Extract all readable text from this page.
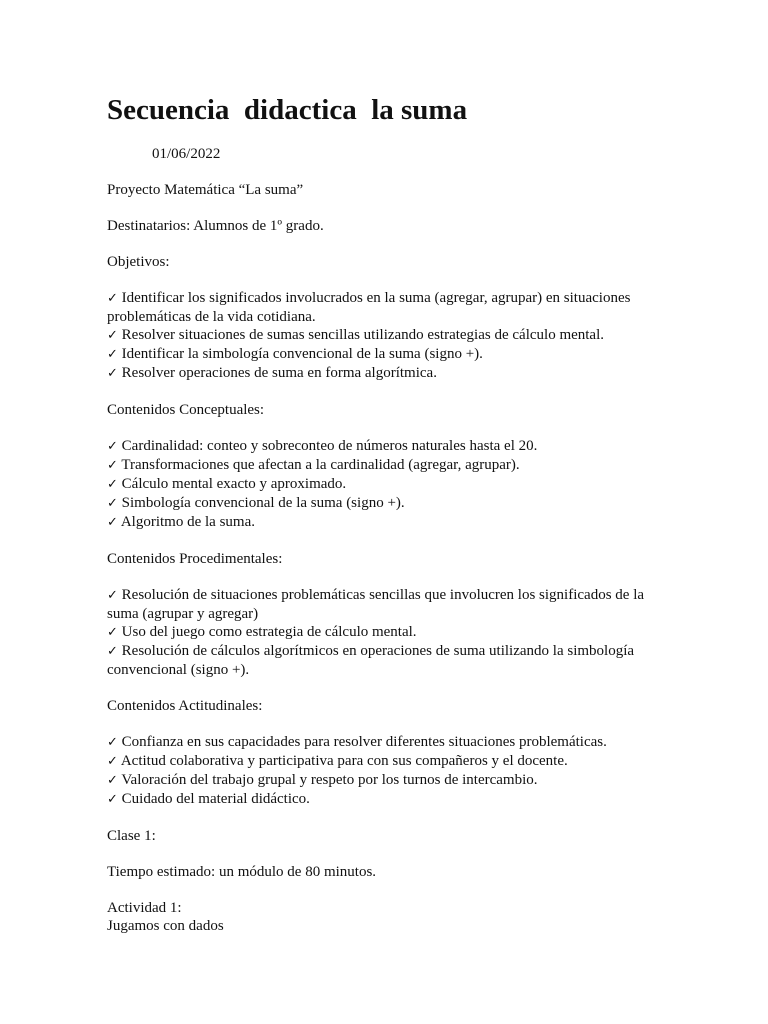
Secuencia  didactica  la suma
01/06/2022

Proyecto Matemática “La suma”

Destinatarios: Alumnos de 1º grado.

Objetivos:

✓ Identificar los significados involucrados en la suma (agregar, agrupar) en situaciones problemáticas de la vida cotidiana.
✓ Resolver situaciones de sumas sencillas utilizando estrategias de cálculo mental.
✓ Identificar la simbología convencional de la suma (signo +).
✓ Resolver operaciones de suma en forma algorítmica.

Contenidos Conceptuales:

✓ Cardinalidad: conteo y sobreconteo de números naturales hasta el 20.
✓ Transformaciones que afectan a la cardinalidad (agregar, agrupar).
✓ Cálculo mental exacto y aproximado.
✓ Simbología convencional de la suma (signo +).
✓ Algoritmo de la suma.

Contenidos Procedimentales:

✓ Resolución de situaciones problemáticas sencillas que involucren los significados de la suma (agrupar y agregar)
✓ Uso del juego como estrategia de cálculo mental.
✓ Resolución de cálculos algorítmicos en operaciones de suma utilizando la simbología convencional (signo +).

Contenidos Actitudinales:

✓ Confianza en sus capacidades para resolver diferentes situaciones problemáticas.
✓ Actitud colaborativa y participativa para con sus compañeros y el docente.
✓ Valoración del trabajo grupal y respeto por los turnos de intercambio.
✓ Cuidado del material didáctico.

Clase 1:

Tiempo estimado: un módulo de 80 minutos.

Actividad 1:

Jugamos con dados
